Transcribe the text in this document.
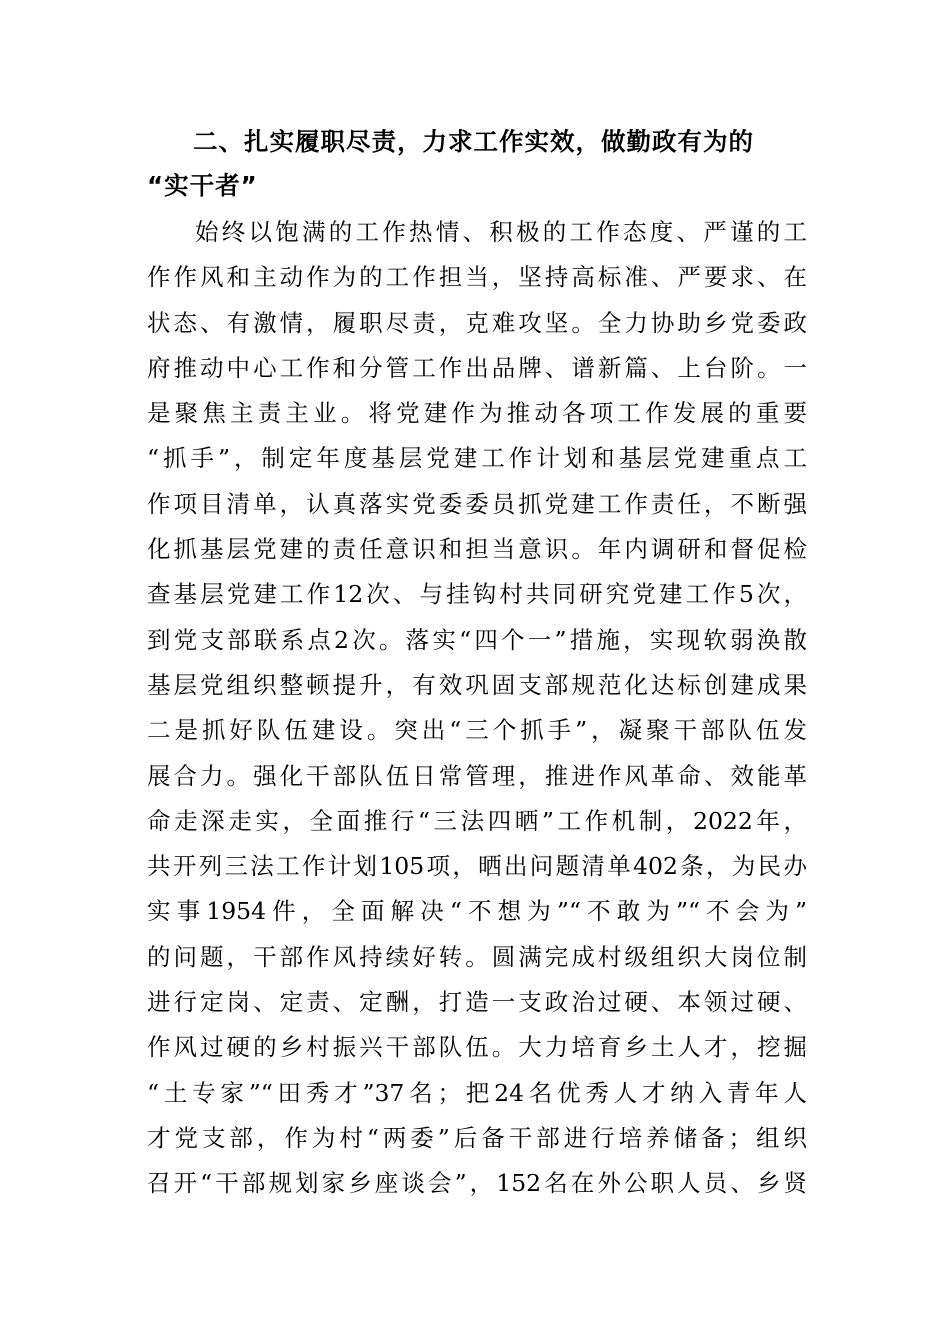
二、扎实履职尽责，力求工作实效，做勤政有为的
“实干者”
始终以饱满的工作热情、积极的工作态度、严谨的工
作作风和主动作为的工作担当，坚持高标准、严要求、在
状态、有激情，履职尽责，克难攻坚。全力协助乡党委政
府推动中心工作和分管工作出品牌、谱新篇、上台阶。一
是聚焦主责主业。将党建作为推动各项工作发展的重要
“抓手”，制定年度基层党建工作计划和基层党建重点工
作项目清单，认真落实党委委员抓党建工作责任，不断强
化抓基层党建的责任意识和担当意识。年内调研和督促检
查基层党建工作12次、与挂钩村共同研究党建工作5次，
到党支部联系点2次。落实“四个一”措施，实现软弱涣散
基层党组织整顿提升，有效巩固支部规范化达标创建成果
二是抓好队伍建设。突出“三个抓手”，凝聚干部队伍发
展合力。强化干部队伍日常管理，推进作风革命、效能革
命走深走实，全面推行“三法四晒”工作机制，2022年，
共开列三法工作计划105项，晒出问题清单402条，为民办
实事1954件，全面解决“不想为”“不敢为”“不会为”
的问题，干部作风持续好转。圆满完成村级组织大岗位制
进行定岗、定责、定酬，打造一支政治过硬、本领过硬、
作风过硬的乡村振兴干部队伍。大力培育乡土人才，挖掘
“土专家”“田秀才”37名；把24名优秀人才纳入青年人
才党支部，作为村“两委”后备干部进行培养储备；组织
召开“干部规划家乡座谈会”，152名在外公职人员、乡贤
